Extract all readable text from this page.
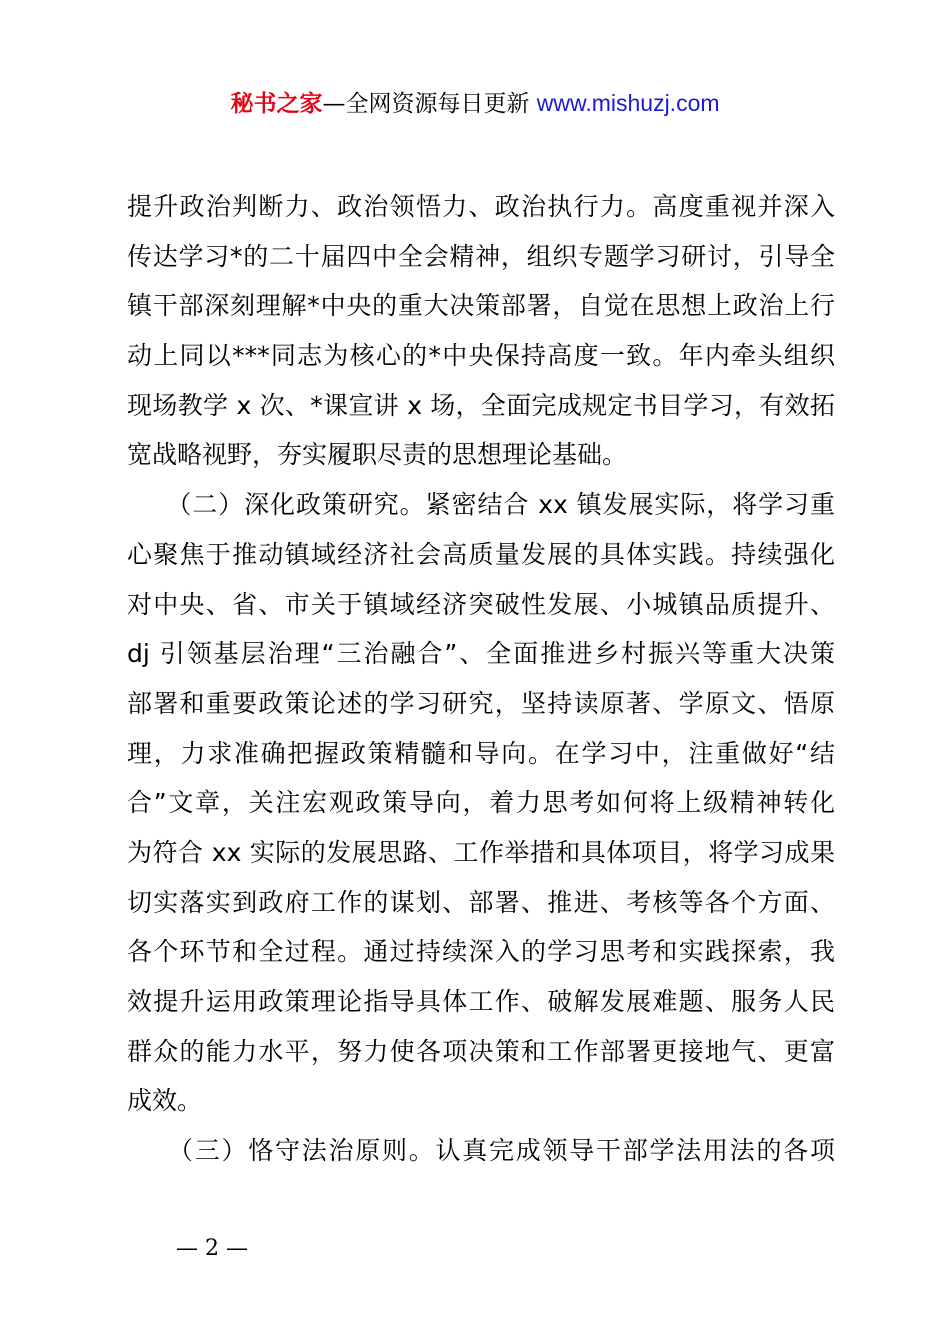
秘书之家—全网资源每日更新 www.mishuzj.com
提升政治判断力、政治领悟力、政治执行力。高度重视并深入
传达学习*的二十届四中全会精神，组织专题学习研讨，引导全
镇干部深刻理解*中央的重大决策部署，自觉在思想上政治上行
动上同以***同志为核心的*中央保持高度一致。年内牵头组织
现场教学 x 次、*课宣讲 x 场，全面完成规定书目学习，有效拓
宽战略视野，夯实履职尽责的思想理论基础。
　　（二）深化政策研究。紧密结合 xx 镇发展实际，将学习重
心聚焦于推动镇域经济社会高质量发展的具体实践。持续强化
对中央、省、市关于镇域经济突破性发展、小城镇品质提升、
dj 引领基层治理“三治融合”、全面推进乡村振兴等重大决策
部署和重要政策论述的学习研究，坚持读原著、学原文、悟原
理，力求准确把握政策精髓和导向。在学习中，注重做好“结
合”文章，关注宏观政策导向，着力思考如何将上级精神转化
为符合 xx 实际的发展思路、工作举措和具体项目，将学习成果
切实落实到政府工作的谋划、部署、推进、考核等各个方面、
各个环节和全过程。通过持续深入的学习思考和实践探索，我
效提升运用政策理论指导具体工作、破解发展难题、服务人民
群众的能力水平，努力使各项决策和工作部署更接地气、更富
成效。
　　（三）恪守法治原则。认真完成领导干部学法用法的各项
— 2 —
